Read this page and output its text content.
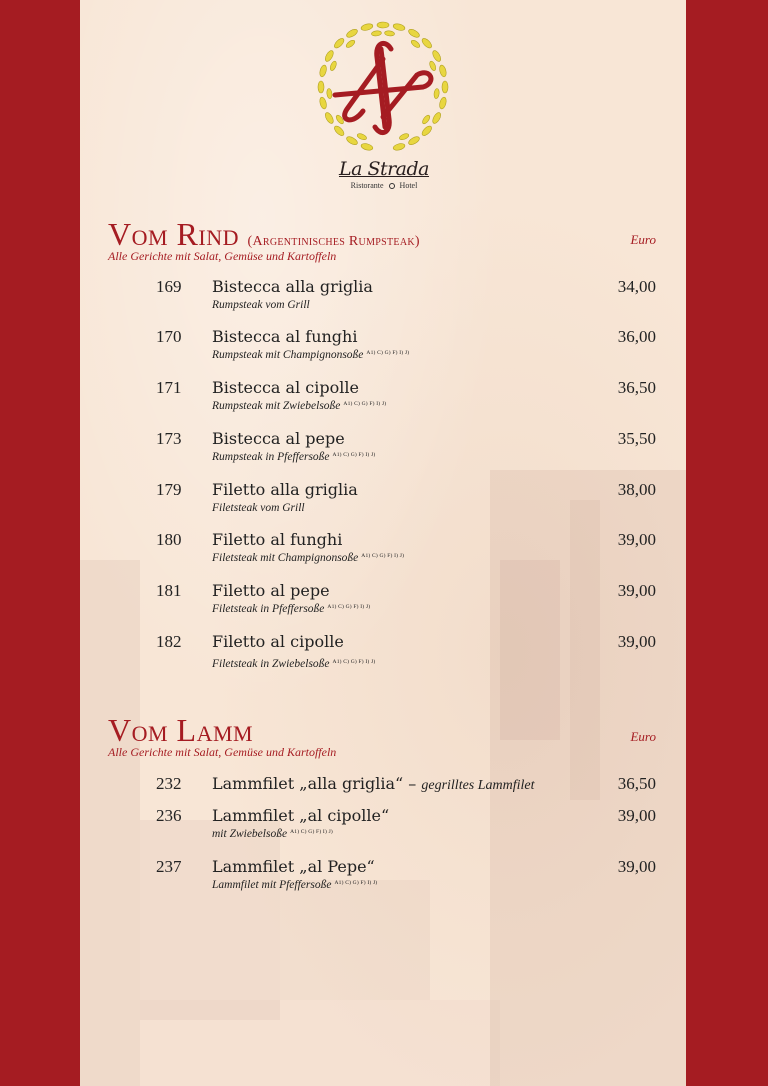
La Strada
Ristorante Hotel
Vom Rind (Argentinisches Rumpsteak)
Alle Gerichte mit Salat, Gemüse und Kartoffeln
Euro
169 Bistecca alla griglia
Rumpsteak vom Grill
34,00
170 Bistecca al funghi
Rumpsteak mit Champignonsoße $^{A1) C) G) F) I) J)}$
36,00
171 Bistecca al cipolle
Rumpsteak mit Zwiebelsoße $^{A1) C) G) F) I) J)}$
36,50
173 Bistecca al pepe
Rumpsteak in Pfeffersoße $^{A1) C) G) F) I) J)}$
35,50
179 Filetto alla griglia
Filetsteak vom Grill
38,00
180 Filetto al funghi
Filetsteak mit Champignonsoße $^{A1) C) G) F) I) J)}$
39,00
181 Filetto al pepe
Filetsteak in Pfeffersoße $^{A1) C) G) F) I) J)}$
39,00
182 Filetto al cipolle
Filetsteak in Zwiebelsoße $^{A1) C) G) F) I) J)}$
39,00
Vom Lamm
Alle Gerichte mit Salat, Gemüse und Kartoffeln
Euro
232 Lammfilet „alla griglia“ – gegrilltes Lammfilet	36,50
236 Lammfilet „al cipolle“
mit Zwiebelsoße $^{A1) C) G) F) I) J)}$
39,00
237 Lammfilet „al Pepe“
Lammfilet mit Pfeffersoße $^{A1) C) G) F) I) J)}$
39,00
